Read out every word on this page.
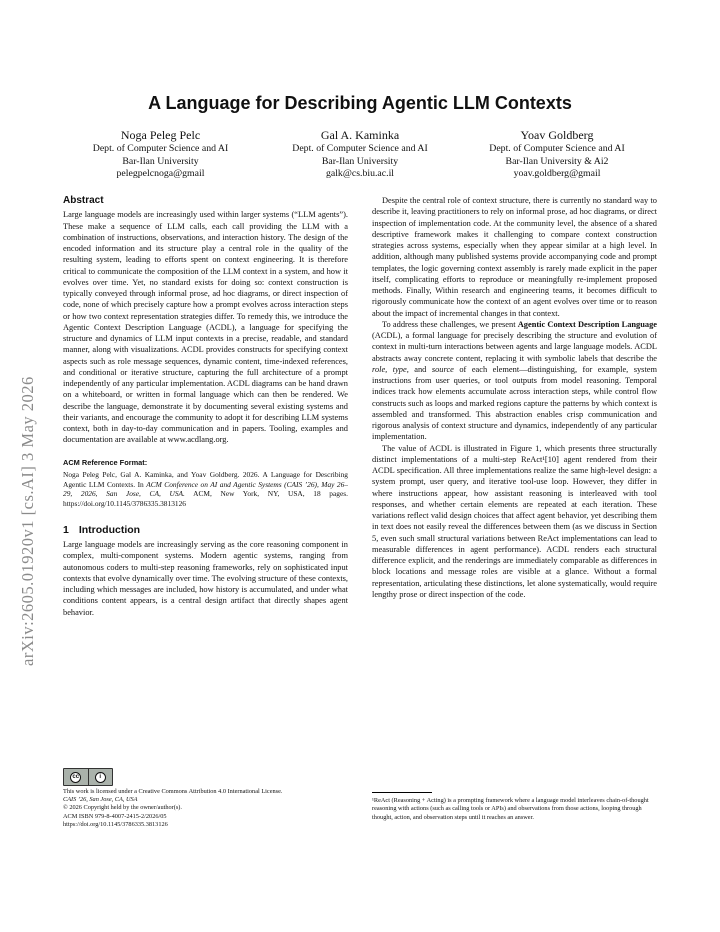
arXiv:2605.01920v1 [cs.AI] 3 May 2026
A Language for Describing Agentic LLM Contexts
Noga Peleg Pelc
Dept. of Computer Science and AI
Bar-Ilan University
pelegpelcnoga@gmail
Gal A. Kaminka
Dept. of Computer Science and AI
Bar-Ilan University
galk@cs.biu.ac.il
Yoav Goldberg
Dept. of Computer Science and AI
Bar-Ilan University & Ai2
yoav.goldberg@gmail
Abstract

Large language models are increasingly used within larger systems (“LLM agents”). These make a sequence of LLM calls, each call providing the LLM with a combination of instructions, observations, and interaction history. The design of the encoded information and its structure play a central role in the quality of the resulting system, leading to efforts spent on context engineering. It is therefore critical to communicate the composition of the LLM context in a system, and how it evolves over time. Yet, no standard exists for doing so: context construction is typically conveyed through informal prose, ad hoc diagrams, or direct inspection of code, none of which precisely capture how a prompt evolves across interaction steps or how two context representation strategies differ. To remedy this, we introduce the Agentic Context Description Language (ACDL), a language for specifying the structure and dynamics of LLM input contexts in a precise, readable, and standard manner, along with visualizations. ACDL provides constructs for specifying context aspects such as role message sequences, dynamic content, time-indexed references, and conditional or iterative structure, capturing the full architecture of a prompt independently of any particular implementation. ACDL diagrams can be hand drawn on a whiteboard, or written in formal language which can then be rendered. We describe the language, demonstrate it by documenting several existing systems and their variants, and encourage the community to adopt it for describing LLM systems context, both in day-to-day communication and in papers. Tooling, examples and documentation are available at www.acdlang.org.

ACM Reference Format:
Noga Peleg Pelc, Gal A. Kaminka, and Yoav Goldberg. 2026. A Language for Describing Agentic LLM Contexts. In ACM Conference on AI and Agentic Systems (CAIS ’26), May 26–29, 2026, San Jose, CA, USA. ACM, New York, NY, USA, 18 pages. https://doi.org/10.1145/3786335.3813126
1 Introduction

Large language models are increasingly serving as the core reasoning component in complex, multi-component systems. Modern agentic systems, ranging from autonomous coders to multi-step reasoning frameworks, rely on sophisticated input contexts that evolve dynamically over time. The evolving structure of these contexts, including which messages are included, how history is accumulated, and under what conditions content appears, is a central design artifact that directly shapes agent behavior.

cc	i
This work is licensed under a Creative Commons Attribution 4.0 International License.
CAIS ’26, San Jose, CA, USA
© 2026 Copyright held by the owner/author(s).
ACM ISBN 979-8-4007-2415-2/2026/05
https://doi.org/10.1145/3786335.3813126

Despite the central role of context structure, there is currently no standard way to describe it, leaving practitioners to rely on informal prose, ad hoc diagrams, or direct inspection of implementation code. At the community level, the absence of a shared descriptive framework makes it challenging to compare context construction strategies across systems, especially when they appear similar at a high level. In addition, although many published systems provide accompanying code and prompt templates, the logic governing context assembly is rarely made explicit in the paper itself, complicating efforts to reproduce or meaningfully re-implement proposed methods. Finally, Within research and engineering teams, it becomes difficult to rigorously communicate how the context of an agent evolves over time or to reason about the impact of incremental changes in that context.

To address these challenges, we present Agentic Context Description Language (ACDL), a formal language for precisely describing the structure and evolution of context in multi-turn interactions between agents and large language models. ACDL abstracts away concrete content, replacing it with symbolic labels that describe the role, type, and source of each element—distinguishing, for example, system instructions from user queries, or tool outputs from model reasoning. Temporal indices track how elements accumulate across interaction steps, while control flow constructs such as loops and marked regions capture the patterns by which context is assembled and transformed. This abstraction enables crisp communication and rigorous analysis of context structure and dynamics, independently of any particular implementation.

The value of ACDL is illustrated in Figure 1, which presents three structurally distinct implementations of a multi-step ReAct¹[10] agent rendered from their ACDL specification. All three implementations realize the same high-level design: a system prompt, user query, and iterative tool-use loop. However, they differ in where instructions appear, how assistant reasoning is interleaved with tool responses, and whether certain elements are repeated at each iteration. These variations reflect valid design choices that affect agent behavior, yet describing them in text does not easily reveal the differences between them (as we discuss in Section 5, even such small structural variations between ReAct implementations can lead to measurable differences in agent performance). ACDL renders each structural difference explicit, and the renderings are immediately comparable as differences in block locations and message roles are visible at a glance. Without a formal representation, articulating these distinctions, let alone systematically, would require lengthy prose or direct inspection of the code.

¹ReAct (Reasoning + Acting) is a prompting framework where a language model interleaves chain-of-thought reasoning with actions (such as calling tools or APIs) and observations from those actions, looping through thought, action, and observation steps until it reaches an answer.
